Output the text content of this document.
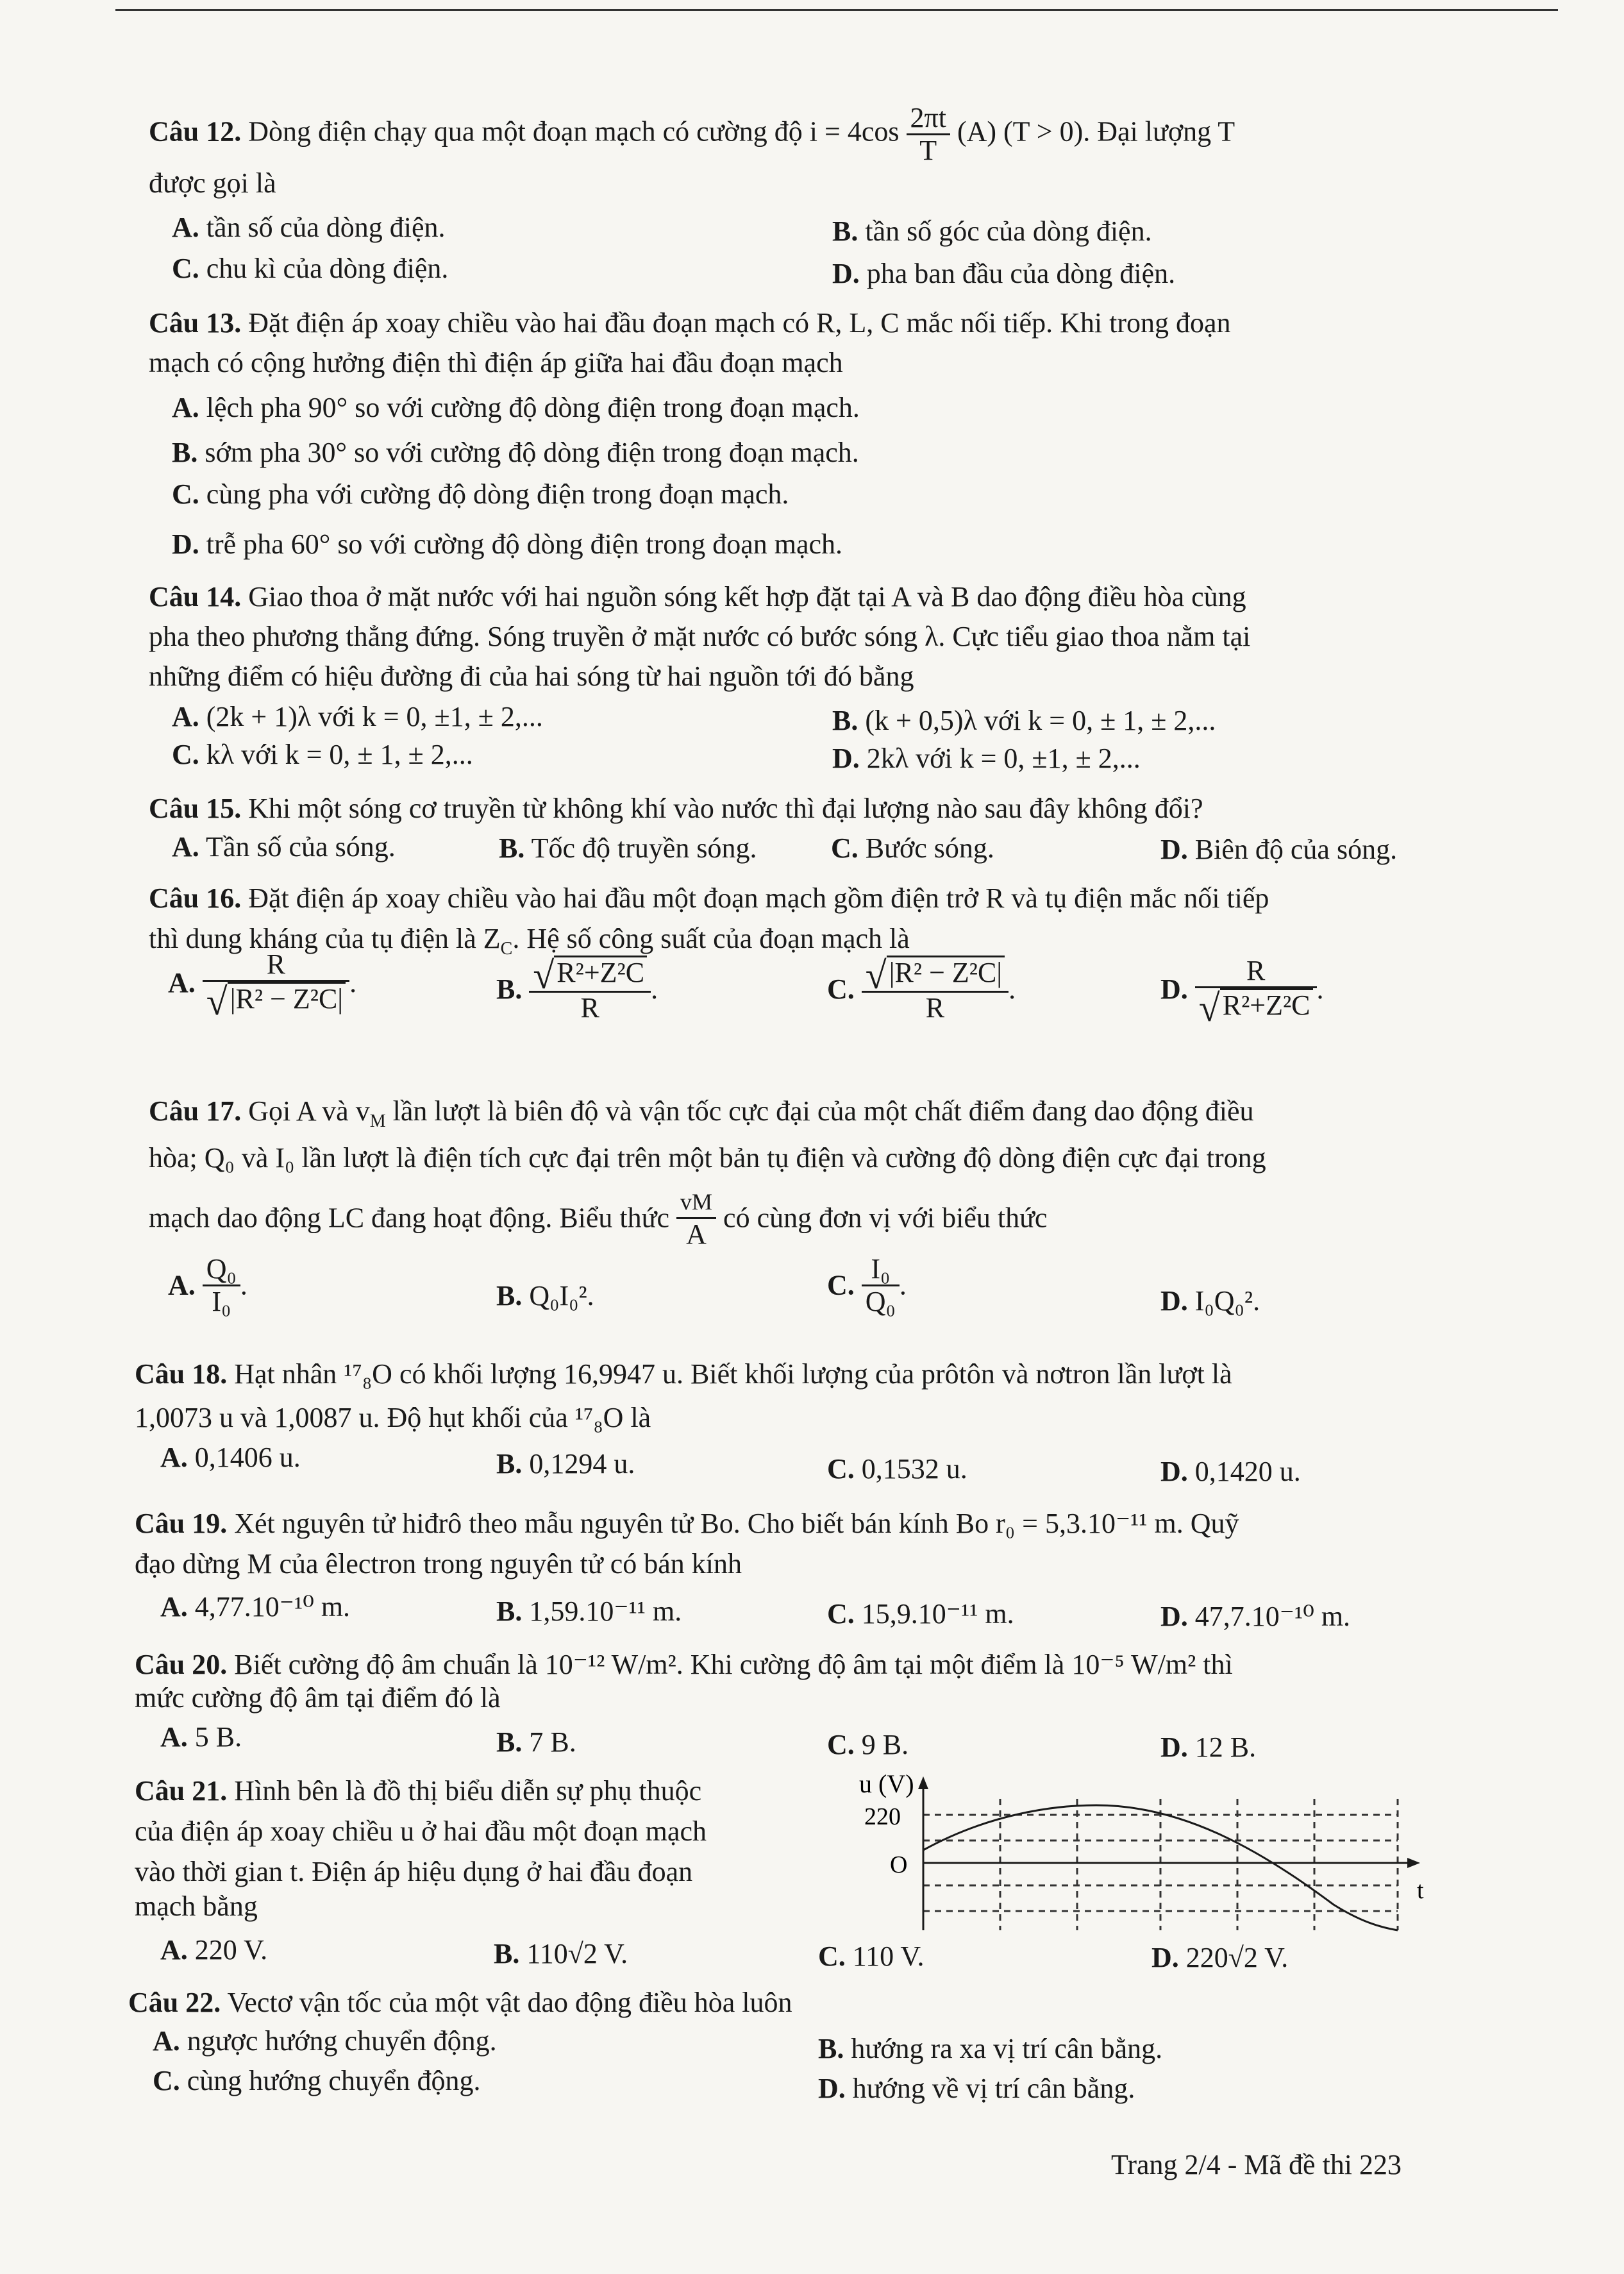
Câu 12. Dòng điện chạy qua một đoạn mạch có cường độ $i = 4\cos \frac{2\pi t}{T} (A) (T > 0)$. Đại lượng T
được gọi là
A. tần số của dòng điện.	B. tần số góc của dòng điện.
C. chu kì của dòng điện.	D. pha ban đầu của dòng điện.
Câu 13. Đặt điện áp xoay chiều vào hai đầu đoạn mạch có R, L, C mắc nối tiếp. Khi trong đoạn
mạch có cộng hưởng điện thì điện áp giữa hai đầu đoạn mạch
A. lệch pha 90° so với cường độ dòng điện trong đoạn mạch.
B. sớm pha 30° so với cường độ dòng điện trong đoạn mạch.
C. cùng pha với cường độ dòng điện trong đoạn mạch.
D. trễ pha 60° so với cường độ dòng điện trong đoạn mạch.
Câu 14. Giao thoa ở mặt nước với hai nguồn sóng kết hợp đặt tại A và B dao động điều hòa cùng
pha theo phương thẳng đứng. Sóng truyền ở mặt nước có bước sóng λ. Cực tiểu giao thoa nằm tại
những điểm có hiệu đường đi của hai sóng từ hai nguồn tới đó bằng
A. (2k + 1)λ với k = 0, ±1, ± 2,...	B. (k + 0,5)λ với k = 0, ± 1, ± 2,...
C. kλ với k = 0, ± 1, ± 2,...	D. 2kλ với k = 0, ±1, ± 2,...
Câu 15. Khi một sóng cơ truyền từ không khí vào nước thì đại lượng nào sau đây không đổi?
A. Tần số của sóng.	B. Tốc độ truyền sóng.	C. Bước sóng.	D. Biên độ của sóng.
Câu 16. Đặt điện áp xoay chiều vào hai đầu một đoạn mạch gồm điện trở R và tụ điện mắc nối tiếp
thì dung kháng của tụ điện là $Z_C$. Hệ số công suất của đoạn mạch là
A. $\frac{R}{\text{√|R² − Z²C|}}$ .	B. $\frac{\text{√R²+Z²C}}{R}$ .	C. $\frac{\text{√|R² − Z²C|}}{R}$ .	D. $\frac{R}{\text{√R²+Z²C}}$ .
Câu 17. Gọi A và $v_M$ lần lượt là biên độ và vận tốc cực đại của một chất điểm đang dao động điều
hòa; Q₀ và I₀ lần lượt là điện tích cực đại trên một bản tụ điện và cường độ dòng điện cực đại trong
mạch dao động LC đang hoạt động. Biểu thức $\frac{vM}{A}$ có cùng đơn vị với biểu thức
A. $\frac{\text{Q₀}}{\text{I₀}}$ .	B. Q₀I₀².	C. $\frac{\text{I₀}}{\text{Q₀}}$ .	D. I₀Q₀².
Câu 18. Hạt nhân ¹⁷₈O có khối lượng 16,9947 u. Biết khối lượng của prôtôn và nơtron lần lượt là
1,0073 u và 1,0087 u. Độ hụt khối của ¹⁷₈O là
A. 0,1406 u.	B. 0,1294 u.	C. 0,1532 u.	D. 0,1420 u.
Câu 19. Xét nguyên tử hiđrô theo mẫu nguyên tử Bo. Cho biết bán kính Bo r₀ = 5,3.10⁻¹¹ m. Quỹ
đạo dừng M của êlectron trong nguyên tử có bán kính
A. 4,77.10⁻¹⁰ m.	B. 1,59.10⁻¹¹ m.	C. 15,9.10⁻¹¹ m.	D. 47,7.10⁻¹⁰ m.
Câu 20. Biết cường độ âm chuẩn là 10⁻¹² W/m². Khi cường độ âm tại một điểm là 10⁻⁵ W/m² thì
mức cường độ âm tại điểm đó là
A. 5 B.	B. 7 B.	C. 9 B.	D. 12 B.
Câu 21. Hình bên là đồ thị biểu diễn sự phụ thuộc
của điện áp xoay chiều u ở hai đầu một đoạn mạch
vào thời gian t. Điện áp hiệu dụng ở hai đầu đoạn
mạch bằng
u (V)
220
O
t
A. 220 V.	B. 110√2 V.	C. 110 V.	D. 220√2 V.
Câu 22. Vectơ vận tốc của một vật dao động điều hòa luôn
A. ngược hướng chuyển động.	B. hướng ra xa vị trí cân bằng.
C. cùng hướng chuyển động.	D. hướng về vị trí cân bằng.
Trang 2/4 - Mã đề thi 223
